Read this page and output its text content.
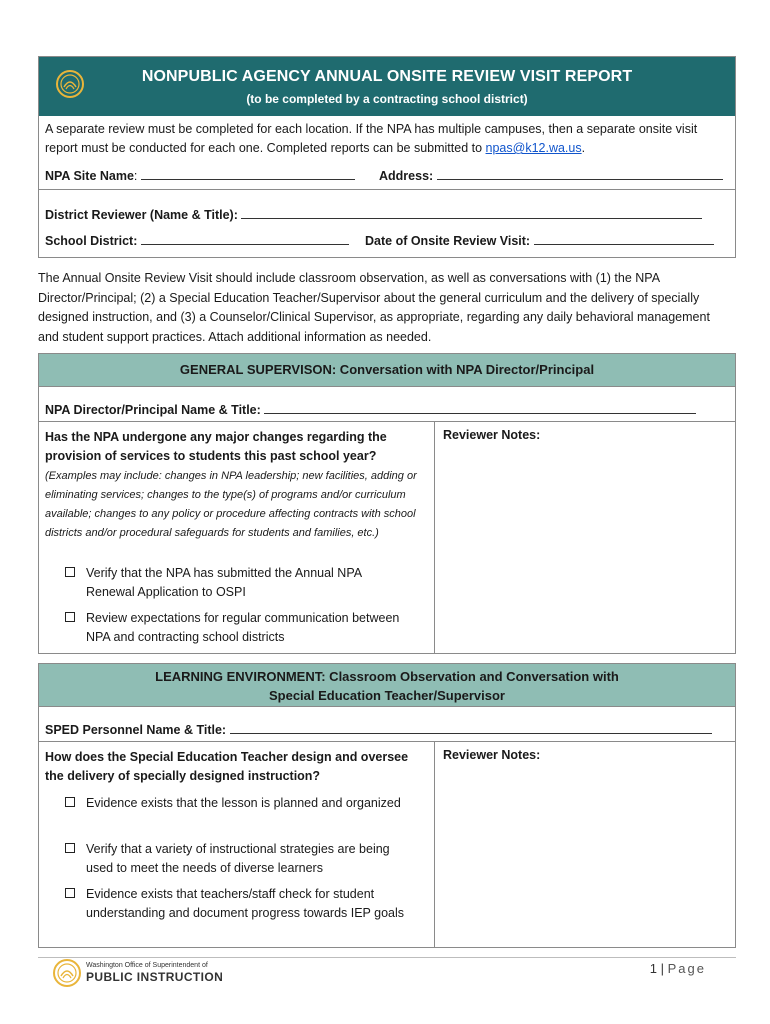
NONPUBLIC AGENCY ANNUAL ONSITE REVIEW VISIT REPORT
(to be completed by a contracting school district)
A separate review must be completed for each location. If the NPA has multiple campuses, then a separate onsite visit report must be conducted for each one. Completed reports can be submitted to npas@k12.wa.us.
NPA Site Name:	Address:
District Reviewer (Name & Title):
School District:	Date of Onsite Review Visit:
The Annual Onsite Review Visit should include classroom observation, as well as conversations with (1) the NPA Director/Principal; (2) a Special Education Teacher/Supervisor about the general curriculum and the delivery of specially designed instruction, and (3) a Counselor/Clinical Supervisor, as appropriate, regarding any daily behavioral management and student support practices. Attach additional information as needed.
GENERAL SUPERVISON: Conversation with NPA Director/Principal
NPA Director/Principal Name & Title:
Has the NPA undergone any major changes regarding the provision of services to students this past school year? (Examples may include: changes in NPA leadership; new facilities, adding or eliminating services; changes to the type(s) of programs and/or curriculum available; changes to any policy or procedure affecting contracts with school districts and/or procedural safeguards for students and families, etc.)
Reviewer Notes:
Verify that the NPA has submitted the Annual NPA Renewal Application to OSPI
Review expectations for regular communication between NPA and contracting school districts
LEARNING ENVIRONMENT: Classroom Observation and Conversation with
Special Education Teacher/Supervisor
SPED Personnel Name & Title:
How does the Special Education Teacher design and oversee the delivery of specially designed instruction?
Reviewer Notes:
Evidence exists that the lesson is planned and organized
Verify that a variety of instructional strategies are being used to meet the needs of diverse learners
Evidence exists that teachers/staff check for student understanding and document progress towards IEP goals
Washington Office of Superintendent of
PUBLIC INSTRUCTION
1 | Page
